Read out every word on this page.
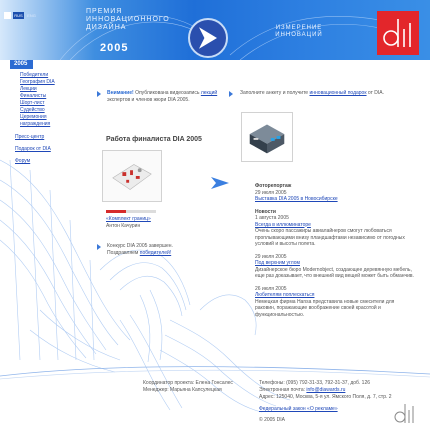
RUS	ENG
ПРЕМИЯ ИННОВАЦИОННОГО ДИЗАЙНА
2005
ИЗМЕРЕНИЕ ИННОВАЦИЙ
2005
Победители
География DIA
Лекции
Финалисты
Шорт-лист
Судейство
Церемония награждения
Пресс-центр
Подарок от DIA
Форум
Внимание! Опубликована видеозапись лекций экспертов и членов жюри DIA 2005.
Заполните анкету и получите инновационный подарок от DIA.
Работа финалиста DIA 2005
«Комплект границ»
Антон Качурин
Конкурс DIA 2005 завершен. Поздравляем победителей!
Фоторепортаж
29 июля 2005
Выставка DIA 2005 в Новосибирске
Новости
1 августа 2005
Всегда в иллюминаторе
Очень скоро пассажиры авиалайнеров смогут любоваться проплывающими внизу пландшафтами независимо от погодных условий и высоты полета.
29 июля 2005
Под верхним углом
Дизайнерское бюро Modernobject, создающее деревянную мебель, еще раз доказывает, что внешний вид вещей может быть обманчив.
26 июля 2005
Любителям поплескаться
Немецкая фирма Hansa представила новые смесители для раковин, поражающие воображение своей красотой и функциональностью.
Координатор проекта: Елена Гонсалес
Менеджер: Марьяна Капсулецкая
Телефоны: (095) 792-31-33, 792-31-37, доб. 126
Электронная почта: info@diawards.ru
Адрес: 125040, Москва, 5-я ул. Ямского Поля, д. 7, стр. 2
Федеральный закон «О рекламе»
© 2005 DIA
